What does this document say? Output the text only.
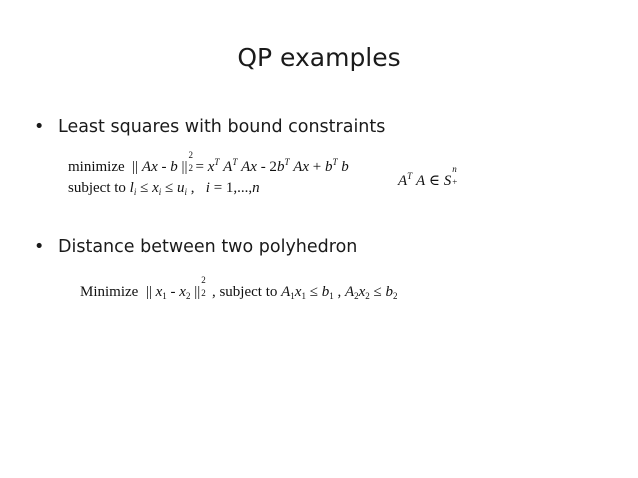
QP examples
• Least squares with bound constraints
minimize  || Ax - b ||
2
$2 = x^T$ $A^T$ Ax - $2b^T$ $Ax + b^T$ b
subject to $l_i \le x_i \le u_i$ ,   i = 1,...,n	$A^T$ A ∈ S
n
+
• Distance between two polyhedron
Minimize  || $x_1 - x_2$ ||
2
2 , subject to $A_1x_1 \le b_1$ , $A_2x_2 \le b_2$
